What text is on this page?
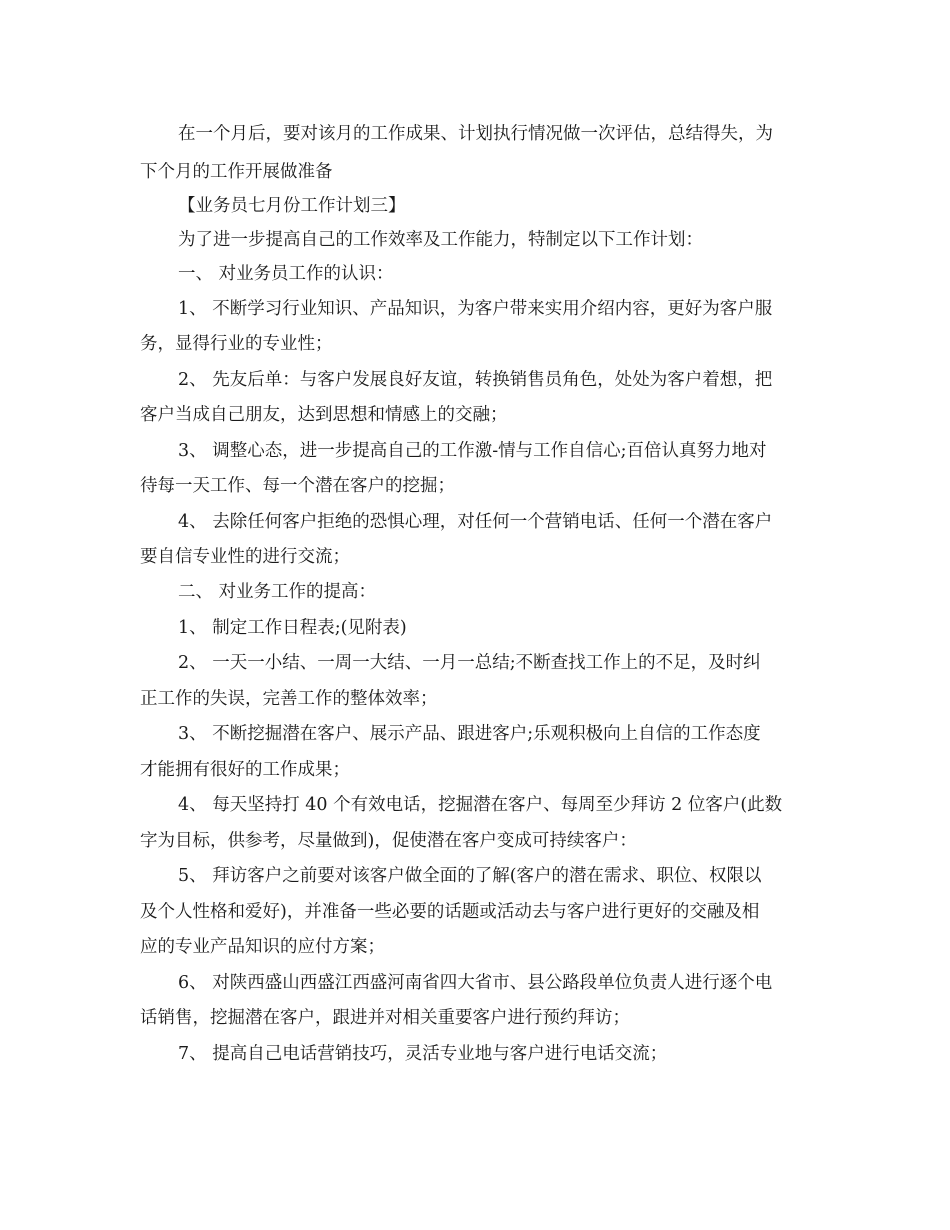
在一个月后，要对该月的工作成果、计划执行情况做一次评估，总结得失，为
下个月的工作开展做准备
【业务员七月份工作计划三】
为了进一步提高自己的工作效率及工作能力，特制定以下工作计划：
一、 对业务员工作的认识：
1、 不断学习行业知识、产品知识，为客户带来实用介绍内容，更好为客户服
务，显得行业的专业性；
2、 先友后单：与客户发展良好友谊，转换销售员角色，处处为客户着想，把
客户当成自己朋友，达到思想和情感上的交融；
3、 调整心态，进一步提高自己的工作激-情与工作自信心;百倍认真努力地对
待每一天工作、每一个潜在客户的挖掘；
4、 去除任何客户拒绝的恐惧心理，对任何一个营销电话、任何一个潜在客户
要自信专业性的进行交流；
二、 对业务工作的提高：
1、 制定工作日程表;(见附表)
2、 一天一小结、一周一大结、一月一总结;不断查找工作上的不足，及时纠
正工作的失误，完善工作的整体效率；
3、 不断挖掘潜在客户、展示产品、跟进客户;乐观积极向上自信的工作态度
才能拥有很好的工作成果；
4、 每天坚持打 40 个有效电话，挖掘潜在客户、每周至少拜访 2 位客户(此数
字为目标，供参考，尽量做到)，促使潜在客户变成可持续客户：
5、 拜访客户之前要对该客户做全面的了解(客户的潜在需求、职位、权限以
及个人性格和爱好)，并准备一些必要的话题或活动去与客户进行更好的交融及相
应的专业产品知识的应付方案；
6、 对陕西盛山西盛江西盛河南省四大省市、县公路段单位负责人进行逐个电
话销售，挖掘潜在客户，跟进并对相关重要客户进行预约拜访；
7、 提高自己电话营销技巧，灵活专业地与客户进行电话交流；
